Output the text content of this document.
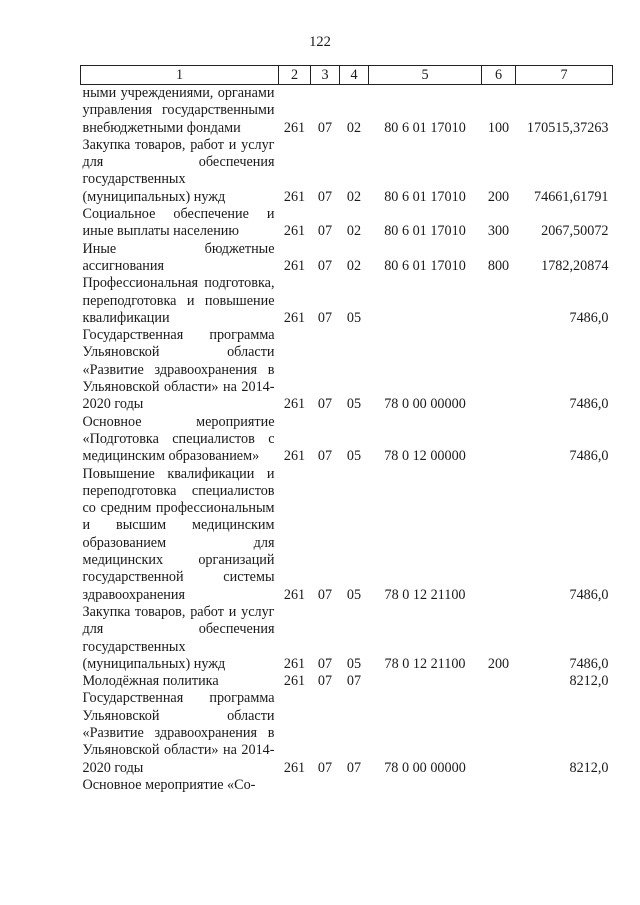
122
1	2	3	4	5	6	7
ными учреждениями, органами управления государственными внебюджетными фондами	261	07	02	80 6 01 17010	100	170515,37263
Закупка товаров, работ и услуг для обеспечения государственных (муниципальных) нужд	261	07	02	80 6 01 17010	200	74661,61791
Социальное обеспечение и иные выплаты населению	261	07	02	80 6 01 17010	300	2067,50072
Иные бюджетные ассигнования	261	07	02	80 6 01 17010	800	1782,20874
Профессиональная подготовка, переподготовка и повышение квалификации	261	07	05			7486,0
Государственная программа Ульяновской области «Развитие здравоохранения в Ульяновской области» на 2014-2020 годы	261	07	05	78 0 00 00000		7486,0
Основное мероприятие «Подготовка специалистов с медицинским образованием»	261	07	05	78 0 12 00000		7486,0
Повышение квалификации и переподготовка специалистов со средним профессиональным и высшим медицинским образованием для медицинских организаций государственной системы здравоохранения	261	07	05	78 0 12 21100		7486,0
Закупка товаров, работ и услуг для обеспечения государственных (муниципальных) нужд	261	07	05	78 0 12 21100	200	7486,0
Молодёжная политика	261	07	07			8212,0
Государственная программа Ульяновской области «Развитие здравоохранения в Ульяновской области» на 2014-2020 годы	261	07	07	78 0 00 00000		8212,0
Основное мероприятие «Со-						
